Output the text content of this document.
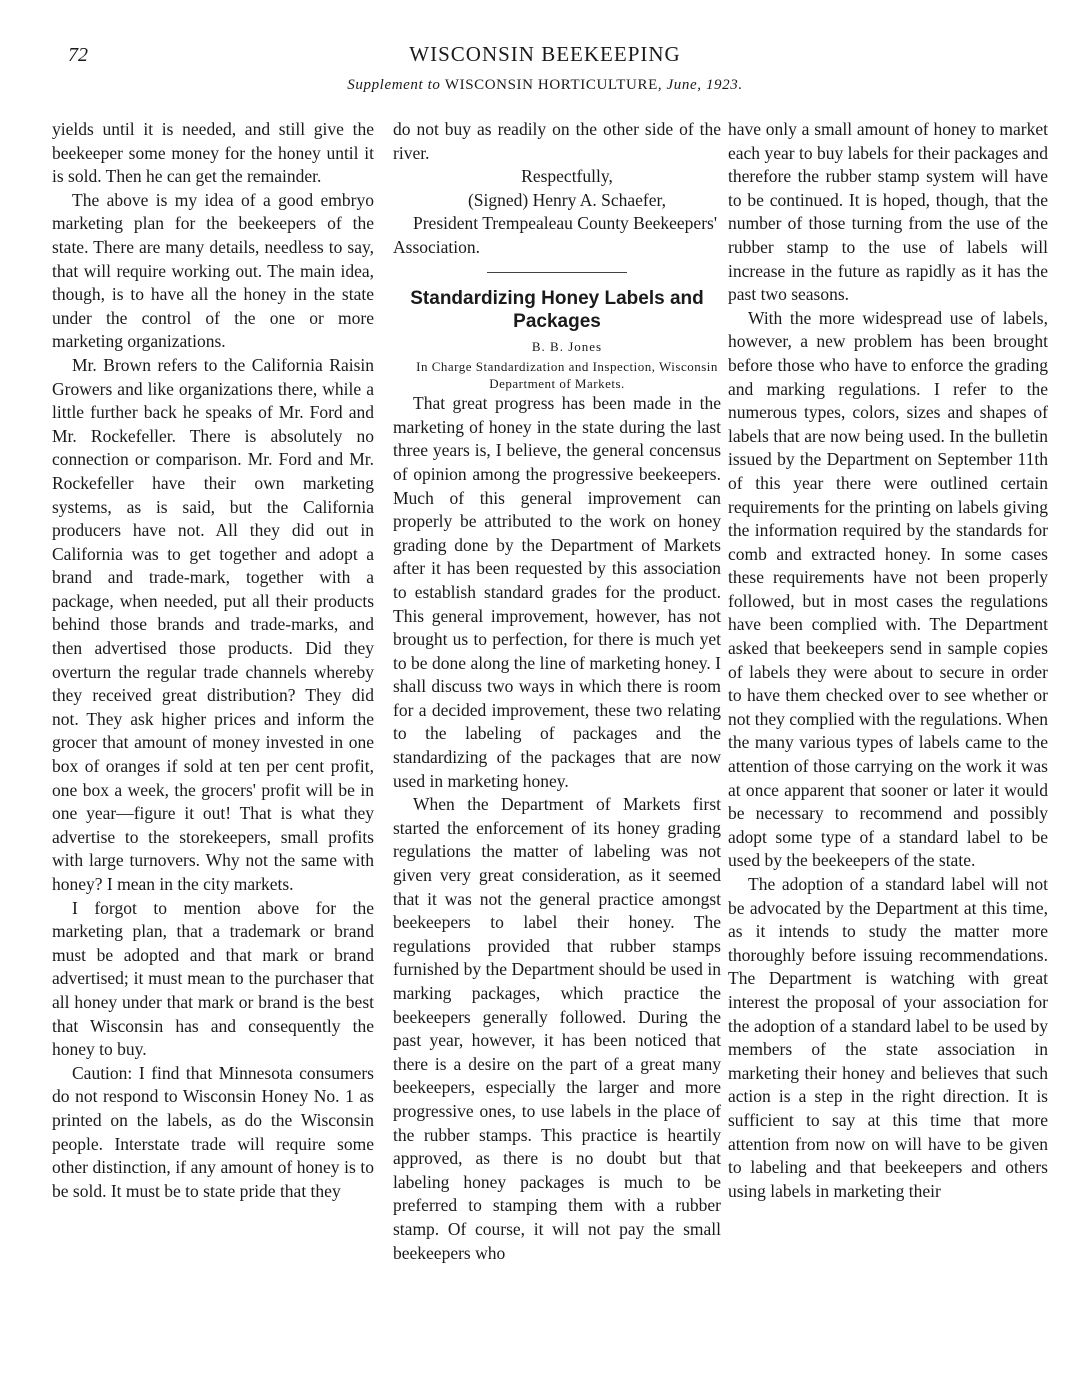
72	WISCONSIN BEEKEEPING
Supplement to WISCONSIN HORTICULTURE, June, 1923.

yields until it is needed, and still give the beekeeper some money for the honey until it is sold. Then he can get the remainder.

The above is my idea of a good embryo marketing plan for the beekeepers of the state. There are many details, needless to say, that will require working out. The main idea, though, is to have all the honey in the state under the control of the one or more marketing organizations.

Mr. Brown refers to the California Raisin Growers and like organizations there, while a little further back he speaks of Mr. Ford and Mr. Rockefeller. There is absolutely no connection or comparison. Mr. Ford and Mr. Rockefeller have their own marketing systems, as is said, but the California producers have not. All they did out in California was to get together and adopt a brand and trade-mark, together with a package, when needed, put all their products behind those brands and trade-marks, and then advertised those products. Did they overturn the regular trade channels whereby they received great distribution? They did not. They ask higher prices and inform the grocer that amount of money invested in one box of oranges if sold at ten per cent profit, one box a week, the grocers' profit will be in one year—figure it out! That is what they advertise to the storekeepers, small profits with large turnovers. Why not the same with honey? I mean in the city markets.

I forgot to mention above for the marketing plan, that a trademark or brand must be adopted and that mark or brand advertised; it must mean to the purchaser that all honey under that mark or brand is the best that Wisconsin has and consequently the honey to buy.

Caution: I find that Minnesota consumers do not respond to Wisconsin Honey No. 1 as printed on the labels, as do the Wisconsin people. Interstate trade will require some other distinction, if any amount of honey is to be sold. It must be to state pride that they

do not buy as readily on the other side of the river.

Respectfully,

(Signed) Henry A. Schaefer,

President Trempealeau County Beekeepers' Association.

Standardizing Honey Labels and Packages

B. B. Jones

In Charge Standardization and Inspection, Wisconsin Department of Markets.

That great progress has been made in the marketing of honey in the state during the last three years is, I believe, the general concensus of opinion among the progressive beekeepers. Much of this general improvement can properly be attributed to the work on honey grading done by the Department of Markets after it has been requested by this association to establish standard grades for the product. This general improvement, however, has not brought us to perfection, for there is much yet to be done along the line of marketing honey. I shall discuss two ways in which there is room for a decided improvement, these two relating to the labeling of packages and the standardizing of the packages that are now used in marketing honey.

When the Department of Markets first started the enforcement of its honey grading regulations the matter of labeling was not given very great consideration, as it seemed that it was not the general practice amongst beekeepers to label their honey. The regulations provided that rubber stamps furnished by the Department should be used in marking packages, which practice the beekeepers generally followed. During the past year, however, it has been noticed that there is a desire on the part of a great many beekeepers, especially the larger and more progressive ones, to use labels in the place of the rubber stamps. This practice is heartily approved, as there is no doubt but that labeling honey packages is much to be preferred to stamping them with a rubber stamp. Of course, it will not pay the small beekeepers who

have only a small amount of honey to market each year to buy labels for their packages and therefore the rubber stamp system will have to be continued. It is hoped, though, that the number of those turning from the use of the rubber stamp to the use of labels will increase in the future as rapidly as it has the past two seasons.

With the more widespread use of labels, however, a new problem has been brought before those who have to enforce the grading and marking regulations. I refer to the numerous types, colors, sizes and shapes of labels that are now being used. In the bulletin issued by the Department on September 11th of this year there were outlined certain requirements for the printing on labels giving the information required by the standards for comb and extracted honey. In some cases these requirements have not been properly followed, but in most cases the regulations have been complied with. The Department asked that beekeepers send in sample copies of labels they were about to secure in order to have them checked over to see whether or not they complied with the regulations. When the many various types of labels came to the attention of those carrying on the work it was at once apparent that sooner or later it would be necessary to recommend and possibly adopt some type of a standard label to be used by the beekeepers of the state.

The adoption of a standard label will not be advocated by the Department at this time, as it intends to study the matter more thoroughly before issuing recommendations. The Department is watching with great interest the proposal of your association for the adoption of a standard label to be used by members of the state association in marketing their honey and believes that such action is a step in the right direction. It is sufficient to say at this time that more attention from now on will have to be given to labeling and that beekeepers and others using labels in marketing their
